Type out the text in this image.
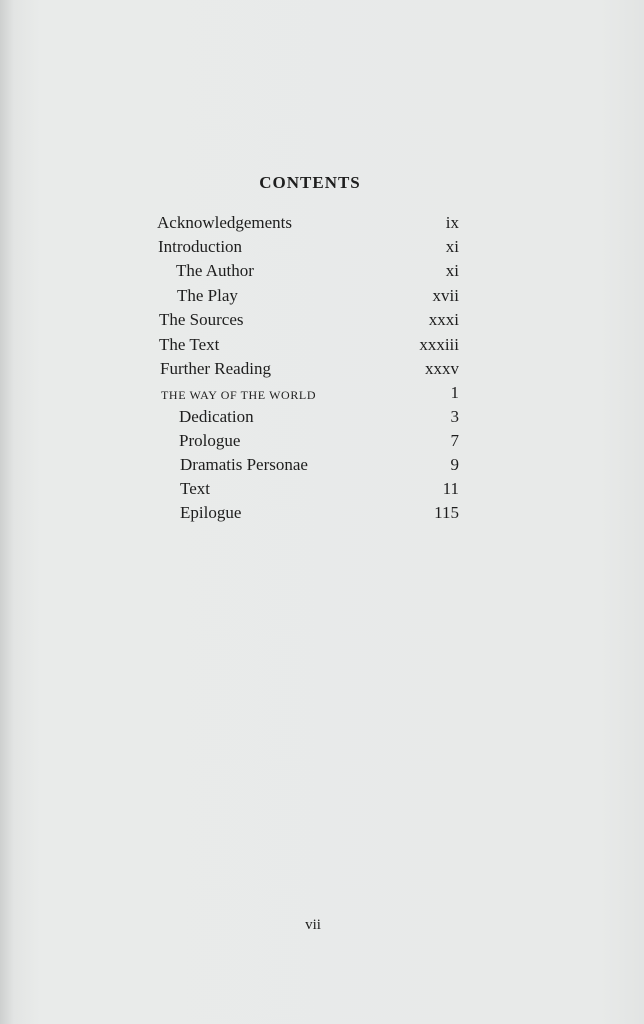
CONTENTS
Acknowledgements	ix
Introduction	xi
The Author	xi
The Play	xvii
The Sources	xxxi
The Text	xxxiii
Further Reading	xxxv
THE WAY OF THE WORLD	1
Dedication	3
Prologue	7
Dramatis Personae	9
Text	11
Epilogue	115
vii
